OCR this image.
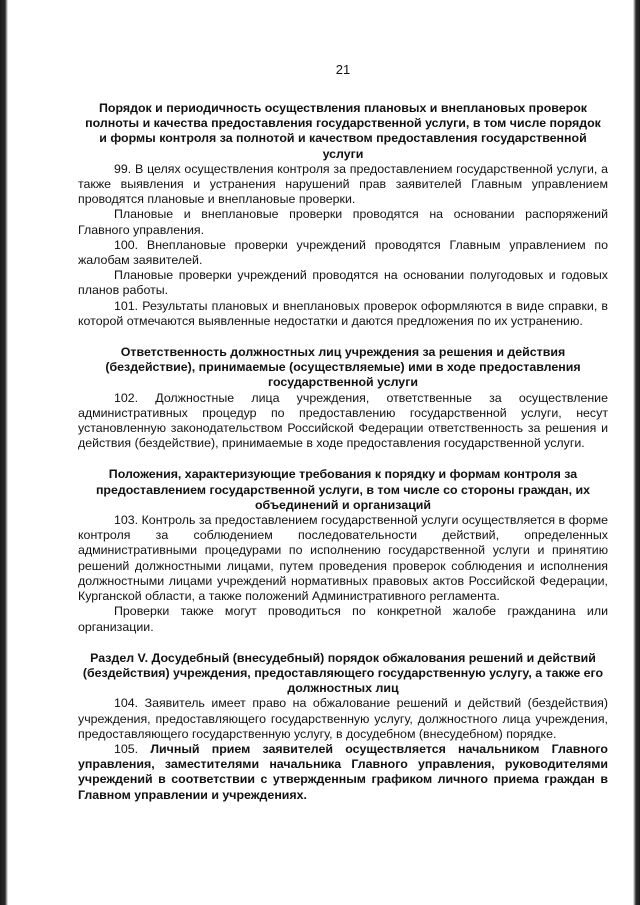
21
Порядок и периодичность осуществления плановых и внеплановых проверок полноты и качества предоставления государственной услуги, в том числе порядок и формы контроля за полнотой и качеством предоставления государственной услуги

99. В целях осуществления контроля за предоставлением государственной услуги, а также выявления и устранения нарушений прав заявителей Главным управлением проводятся плановые и внеплановые проверки.

Плановые и внеплановые проверки проводятся на основании распоряжений Главного управления.

100. Внеплановые проверки учреждений проводятся Главным управлением по жалобам заявителей.

Плановые проверки учреждений проводятся на основании полугодовых и годовых планов работы.

101. Результаты плановых и внеплановых проверок оформляются в виде справки, в которой отмечаются выявленные недостатки и даются предложения по их устранению.

Ответственность должностных лиц учреждения за решения и действия (бездействие), принимаемые (осуществляемые) ими в ходе предоставления государственной услуги

102. Должностные лица учреждения, ответственные за осуществление административных процедур по предоставлению государственной услуги, несут установленную законодательством Российской Федерации ответственность за решения и действия (бездействие), принимаемые в ходе предоставления государственной услуги.

Положения, характеризующие требования к порядку и формам контроля за предоставлением государственной услуги, в том числе со стороны граждан, их объединений и организаций

103. Контроль за предоставлением государственной услуги осуществляется в форме контроля за соблюдением последовательности действий, определенных административными процедурами по исполнению государственной услуги и принятию решений должностными лицами, путем проведения проверок соблюдения и исполнения должностными лицами учреждений нормативных правовых актов Российской Федерации, Курганской области, а также положений Административного регламента.

Проверки также могут проводиться по конкретной жалобе гражданина или организации.

Раздел V. Досудебный (внесудебный) порядок обжалования решений и действий (бездействия) учреждения, предоставляющего государственную услугу, а также его должностных лиц

104. Заявитель имеет право на обжалование решений и действий (бездействия) учреждения, предоставляющего государственную услугу, должностного лица учреждения, предоставляющего государственную услугу, в досудебном (внесудебном) порядке.

105. Личный прием заявителей осуществляется начальником Главного управления, заместителями начальника Главного управления, руководителями учреждений в соответствии с утвержденным графиком личного приема граждан в Главном управлении и учреждениях.
